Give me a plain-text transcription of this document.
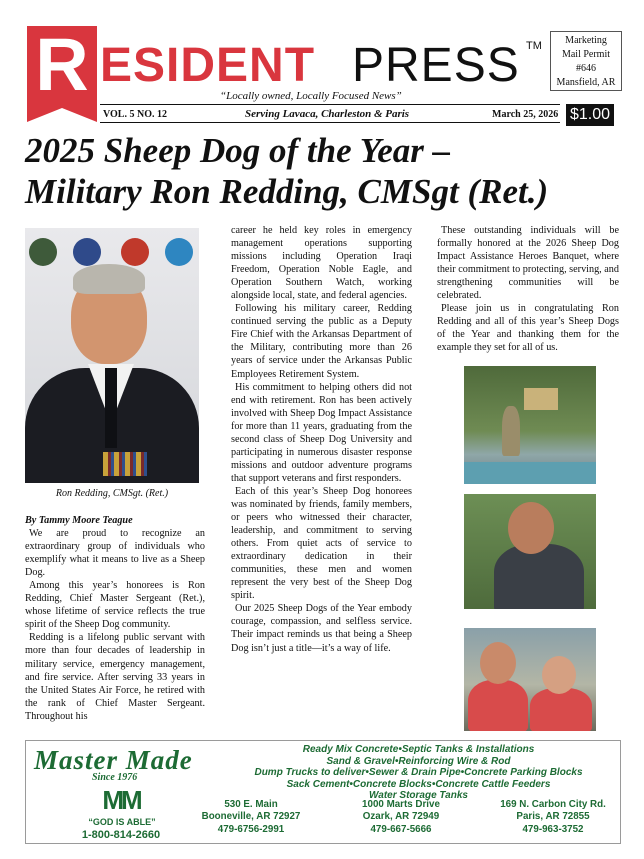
R ESIDENT PRESS TM	Marketing
Mail Permit
#646
Mansfield, AR
“Locally owned, Locally Focused News”
VOL. 5 NO. 12	Serving Lavaca, Charleston & Paris	March 25, 2026 $1.00
2025 Sheep Dog of the Year –
Military Ron Redding, CMSgt (Ret.)
Ron Redding, CMSgt. (Ret.)

By Tammy Moore Teague

We are proud to recognize an extraordinary group of individuals who exemplify what it means to live as a Sheep Dog.

Among this year’s honorees is Ron Redding, Chief Master Sergeant (Ret.), whose lifetime of service reflects the true spirit of the Sheep Dog community.

Redding is a lifelong public servant with more than four decades of leadership in military service, emergency management, and fire service. After serving 33 years in the United States Air Force, he retired with the rank of Chief Master Sergeant. Throughout his

career he held key roles in emergency management operations supporting missions including Operation Iraqi Freedom, Operation Noble Eagle, and Operation Southern Watch, working alongside local, state, and federal agencies.

Following his military career, Redding continued serving the public as a Deputy Fire Chief with the Arkansas Department of the Military, contributing more than 26 years of service under the Arkansas Public Employees Retirement System.

His commitment to helping others did not end with retirement. Ron has been actively involved with Sheep Dog Impact Assistance for more than 11 years, graduating from the second class of Sheep Dog University and participating in numerous disaster response missions and outdoor adventure programs that support veterans and first responders.

Each of this year’s Sheep Dog honorees was nominated by friends, family members, or peers who witnessed their character, leadership, and commitment to serving others. From quiet acts of service to extraordinary dedication in their communities, these men and women represent the very best of the Sheep Dog spirit.

Our 2025 Sheep Dogs of the Year embody courage, compassion, and selfless service. Their impact reminds us that being a Sheep Dog isn’t just a title—it’s a way of life.

These outstanding individuals will be formally honored at the 2026 Sheep Dog Impact Assistance Heroes Banquet, where their commitment to protecting, serving, and strengthening communities will be celebrated.

Please join us in congratulating Ron Redding and all of this year’s Sheep Dogs of the Year and thanking them for the example they set for all of us.

Master Made
Since 1976
MM
“GOD IS ABLE”
1-800-814-2660
Ready Mix Concrete•Septic Tanks & Installations
Sand & Gravel•Reinforcing Wire & Rod
Dump Trucks to deliver•Sewer & Drain Pipe•Concrete Parking Blocks
Sack Cement•Concrete Blocks•Concrete Cattle Feeders
Water Storage Tanks
530 E. Main
Booneville, AR 72927
479-6756-2991
1000 Marts Drive
Ozark, AR 72949
479-667-5666
169 N. Carbon City Rd.
Paris, AR 72855
479-963-3752
